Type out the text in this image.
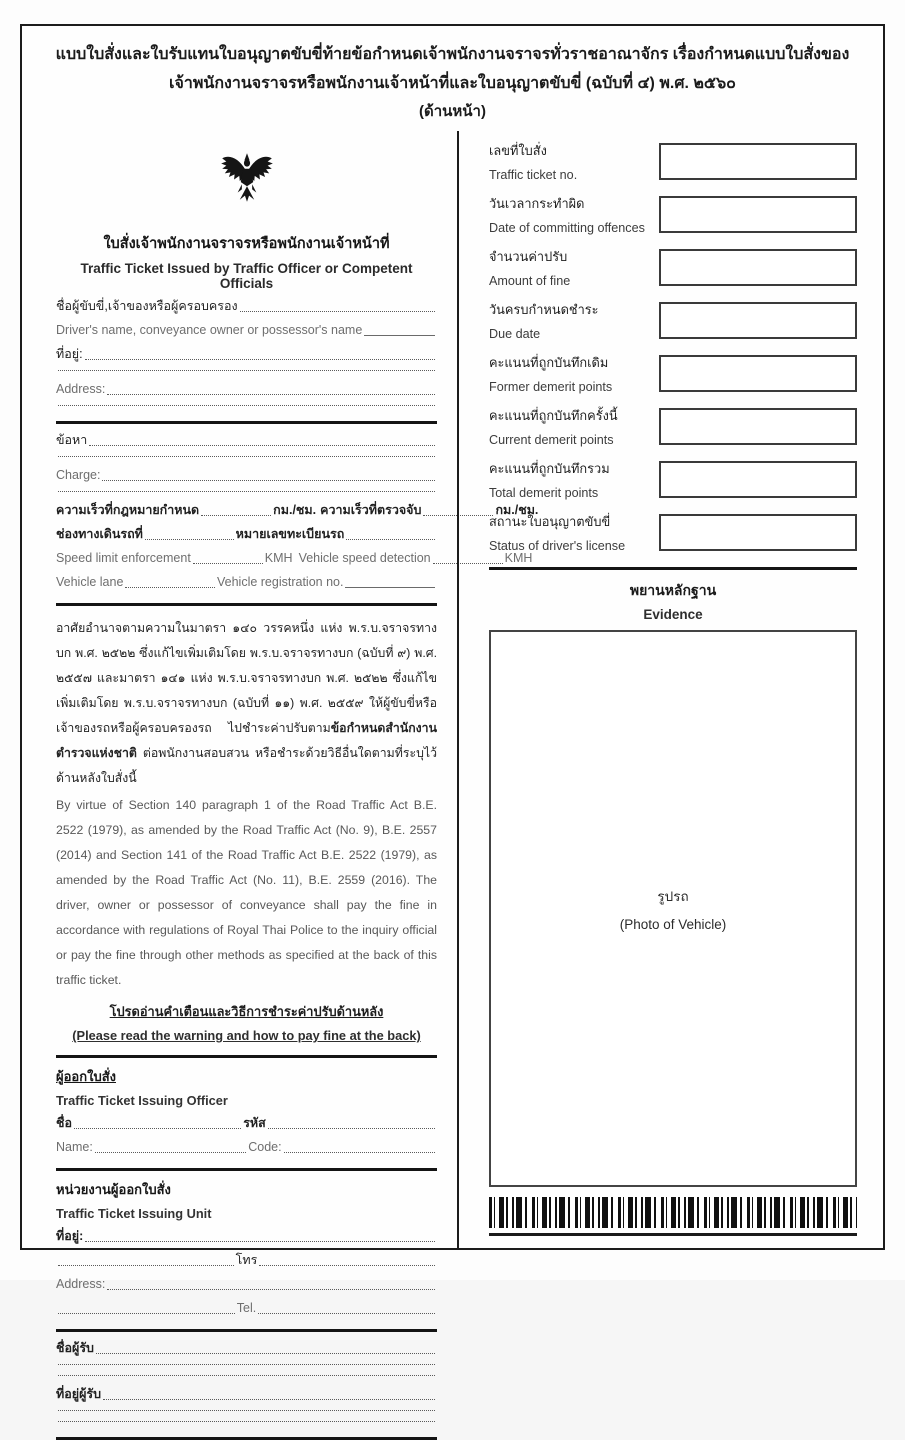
แบบใบสั่งและใบรับแทนใบอนุญาตขับขี่ท้ายข้อกำหนดเจ้าพนักงานจราจรทั่วราชอาณาจักร เรื่องกำหนดแบบใบสั่งของ
เจ้าพนักงานจราจรหรือพนักงานเจ้าหน้าที่และใบอนุญาตขับขี่ (ฉบับที่ ๔) พ.ศ. ๒๕๖๐
(ด้านหน้า)
ใบสั่งเจ้าพนักงานจราจรหรือพนักงานเจ้าหน้าที่
Traffic Ticket Issued by Traffic Officer or Competent Officials
ชื่อผู้ขับขี่,เจ้าของหรือผู้ครอบครอง
Driver's name, conveyance owner or possessor's name
ที่อยู่:
Address:
ข้อหา
Charge:
ความเร็วที่กฎหมายกำหนด	กม./ชม. ความเร็วที่ตรวจจับ	กม./ชม.
ช่องทางเดินรถที่	หมายเลขทะเบียนรถ
Speed limit enforcement	KMH Vehicle speed detection	KMH
Vehicle lane	Vehicle registration no.
อาศัยอำนาจตามความในมาตรา ๑๔๐ วรรคหนึ่ง แห่ง พ.ร.บ.จราจรทางบก พ.ศ. ๒๕๒๒ ซึ่งแก้ไขเพิ่มเติมโดย พ.ร.บ.จราจรทางบก (ฉบับที่ ๙) พ.ศ. ๒๕๕๗ และมาตรา ๑๔๑ แห่ง พ.ร.บ.จราจรทางบก พ.ศ. ๒๕๒๒ ซึ่งแก้ไขเพิ่มเติมโดย พ.ร.บ.จราจรทางบก (ฉบับที่ ๑๑) พ.ศ. ๒๕๕๙ ให้ผู้ขับขี่หรือเจ้าของรถหรือผู้ครอบครองรถ ไปชำระค่าปรับตามข้อกำหนดสำนักงานตำรวจแห่งชาติ ต่อพนักงานสอบสวน หรือชำระด้วยวิธีอื่นใดตามที่ระบุไว้ด้านหลังใบสั่งนี้
By virtue of Section 140 paragraph 1 of the Road Traffic Act B.E. 2522 (1979), as amended by the Road Traffic Act (No. 9), B.E. 2557 (2014) and Section 141 of the Road Traffic Act B.E. 2522 (1979), as amended by the Road Traffic Act (No. 11), B.E. 2559 (2016). The driver, owner or possessor of conveyance shall pay the fine in accordance with regulations of Royal Thai Police to the inquiry official or pay the fine through other methods as specified at the back of this traffic ticket.
โปรดอ่านคำเตือนและวิธีการชำระค่าปรับด้านหลัง
(Please read the warning and how to pay fine at the back)
ผู้ออกใบสั่ง
Traffic Ticket Issuing Officer
ชื่อ	รหัส
Name:	Code:
หน่วยงานผู้ออกใบสั่ง
Traffic Ticket Issuing Unit
ที่อยู่:
โทร
Address:
Tel.
ชื่อผู้รับ
ที่อยู่ผู้รับ
เลขที่ใบสั่ง
Traffic ticket no.
วันเวลากระทำผิด
Date of committing offences
จำนวนค่าปรับ
Amount of fine
วันครบกำหนดชำระ
Due date
คะแนนที่ถูกบันทึกเดิม
Former demerit points
คะแนนที่ถูกบันทึกครั้งนี้
Current demerit points
คะแนนที่ถูกบันทึกรวม
Total demerit points
สถานะใบอนุญาตขับขี่
Status of driver's license
พยานหลักฐาน
Evidence
รูปรถ
(Photo of Vehicle)
